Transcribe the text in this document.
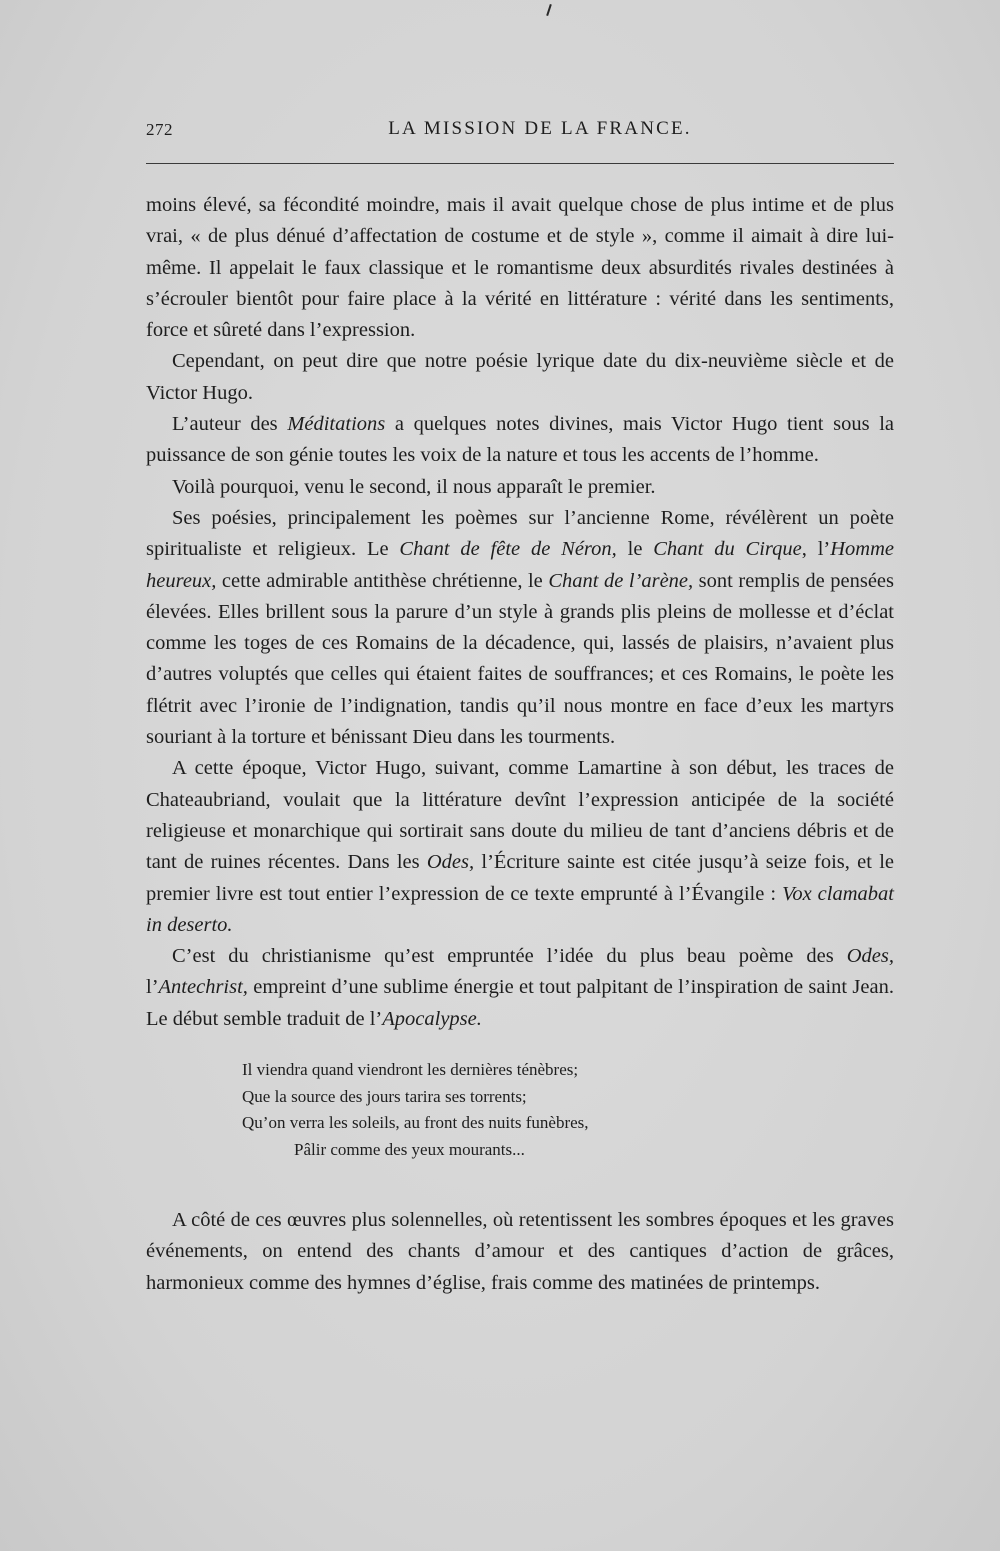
272	LA MISSION DE LA FRANCE.

moins élevé, sa fécondité moindre, mais il avait quelque chose de plus intime et de plus vrai, « de plus dénué d’affectation de costume et de style », comme il aimait à dire lui-même. Il appelait le faux classique et le romantisme deux absurdités rivales destinées à s’écrouler bientôt pour faire place à la vérité en littérature : vérité dans les sentiments, force et sûreté dans l’expression.

Cependant, on peut dire que notre poésie lyrique date du dix-neuvième siècle et de Victor Hugo.

L’auteur des Méditations a quelques notes divines, mais Victor Hugo tient sous la puissance de son génie toutes les voix de la nature et tous les accents de l’homme.

Voilà pourquoi, venu le second, il nous apparaît le premier.

Ses poésies, principalement les poèmes sur l’ancienne Rome, révélèrent un poète spiritualiste et religieux. Le Chant de fête de Néron, le Chant du Cirque, l’Homme heureux, cette admirable antithèse chrétienne, le Chant de l’arène, sont remplis de pensées élevées. Elles brillent sous la parure d’un style à grands plis pleins de mollesse et d’éclat comme les toges de ces Romains de la décadence, qui, lassés de plaisirs, n’avaient plus d’autres voluptés que celles qui étaient faites de souffrances; et ces Romains, le poète les flétrit avec l’ironie de l’indignation, tandis qu’il nous montre en face d’eux les martyrs souriant à la torture et bénissant Dieu dans les tourments.

A cette époque, Victor Hugo, suivant, comme Lamartine à son début, les traces de Chateaubriand, voulait que la littérature devînt l’expression anticipée de la société religieuse et monarchique qui sortirait sans doute du milieu de tant d’anciens débris et de tant de ruines récentes. Dans les Odes, l’Écriture sainte est citée jusqu’à seize fois, et le premier livre est tout entier l’expression de ce texte emprunté à l’Évangile : Vox clamabat in deserto.

C’est du christianisme qu’est empruntée l’idée du plus beau poème des Odes, l’Antechrist, empreint d’une sublime énergie et tout palpitant de l’inspiration de saint Jean. Le début semble traduit de l’Apocalypse.

Il viendra quand viendront les dernières ténèbres;
Que la source des jours tarira ses torrents;
Qu’on verra les soleils, au front des nuits funèbres,
Pâlir comme des yeux mourants...

A côté de ces œuvres plus solennelles, où retentissent les sombres époques et les graves événements, on entend des chants d’amour et des cantiques d’action de grâces, harmonieux comme des hymnes d’église, frais comme des matinées de printemps.
